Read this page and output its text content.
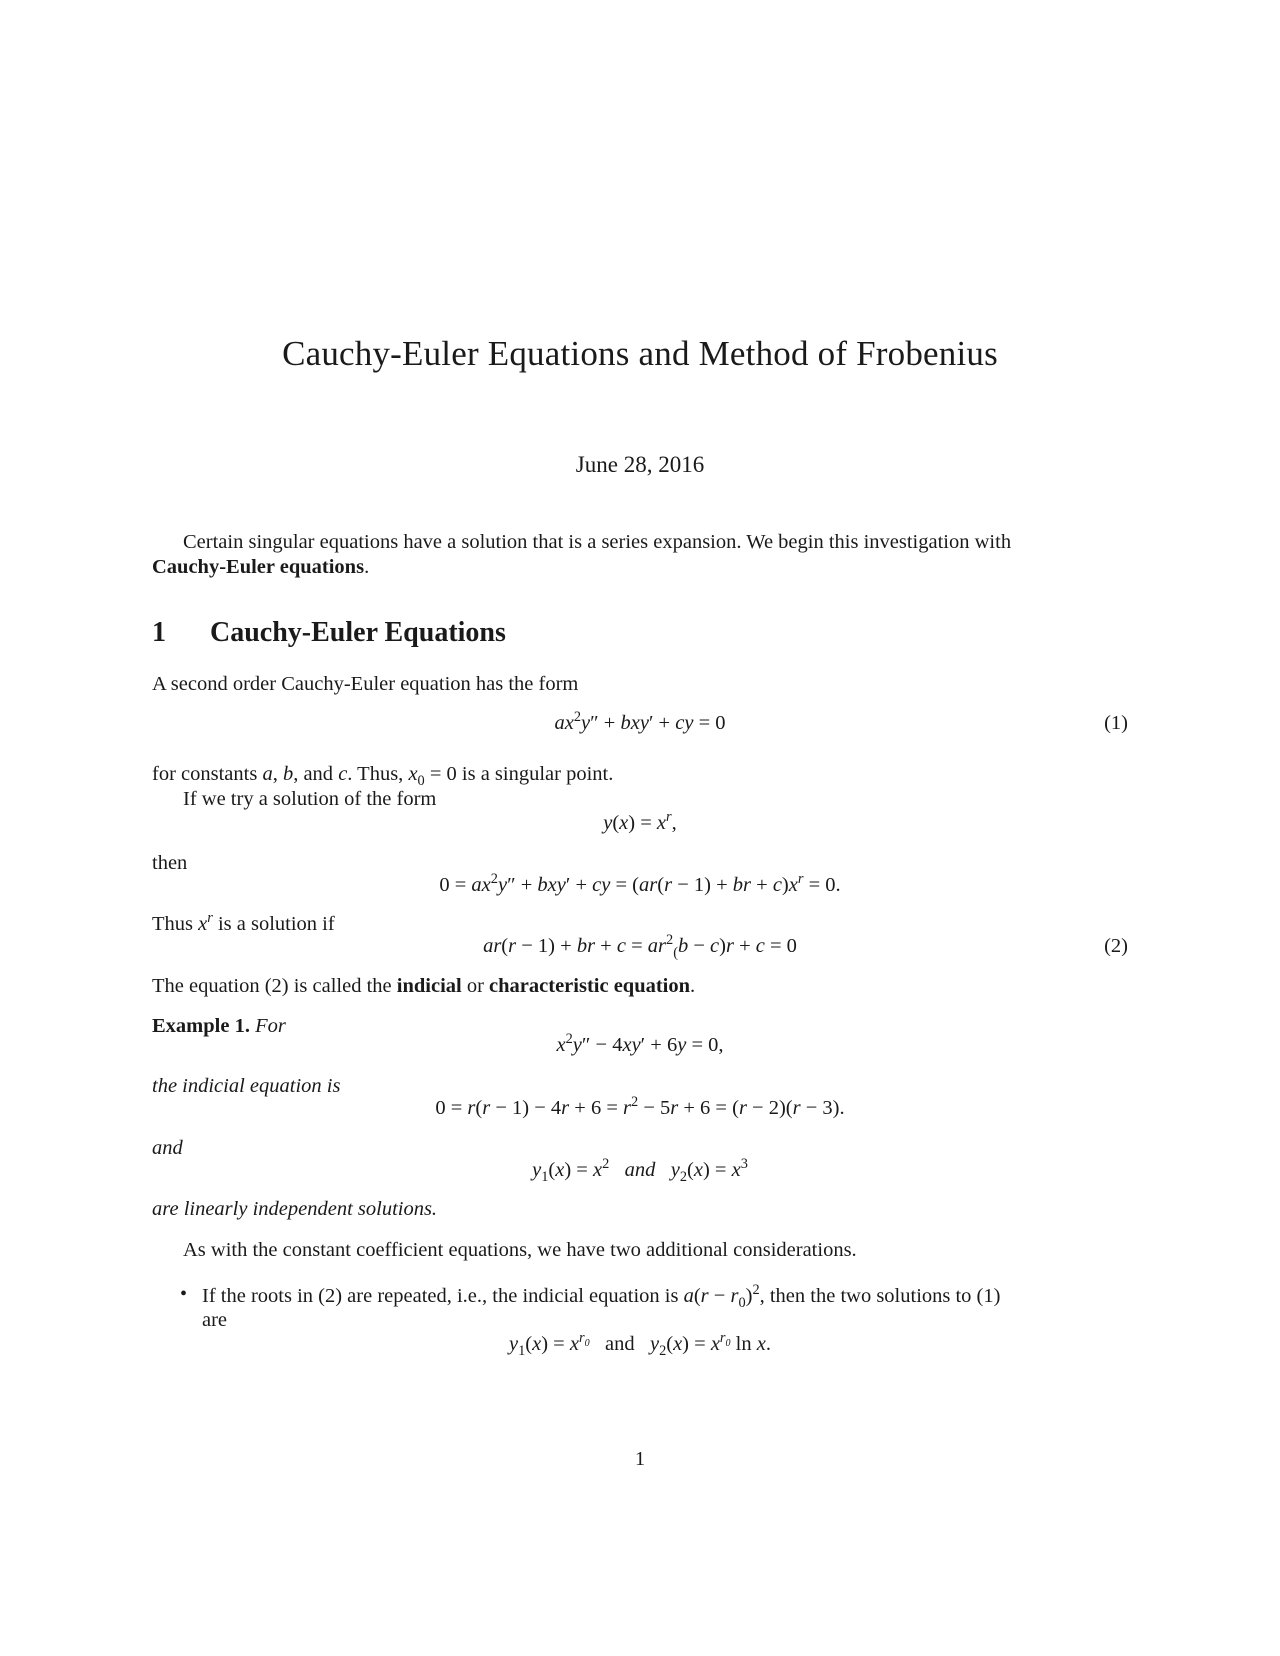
Cauchy-Euler Equations and Method of Frobenius
June 28, 2016
Certain singular equations have a solution that is a series expansion. We begin this investigation with
Cauchy-Euler equations.
1 Cauchy-Euler Equations
A second order Cauchy-Euler equation has the form
$ax^2y'' + bxy'$ + cy = 0	(1)
for constants a, b, and c. Thus, $x_0 = 0$ is a singular point.
If we try a solution of the form
$y(x) = x^r$,
then
$0 = ax^2y'' + bxy'$ + cy = (ar(r − 1) + br + $c)x^r = 0$.
Thus $x^r$ is a solution if
ar(r − 1) + br + $c = ar^2_(b - c)r + c = 0$	(2)
The equation (2) is called the indicial or characteristic equation.
Example 1. For
$x^2y'' - 4xy' + 6y = 0$,
the indicial equation is
$0 = r(r - 1) - 4r + 6 = r^2 - 5r + 6 = (r - 2)(r - 3)$.
and
$y_1(x) = x^2$ and $y_2(x) = x^3$
are linearly independent solutions.
As with the constant coefficient equations, we have two additional considerations.
• If the roots in (2) are repeated, i.e., the indicial equation is $a(r - r_0)^2$, then the two solutions to (1)
are
$y_1(x) = x^{r_0}$ and $y_2(x) = x^{r_0}$ ln x.
1
